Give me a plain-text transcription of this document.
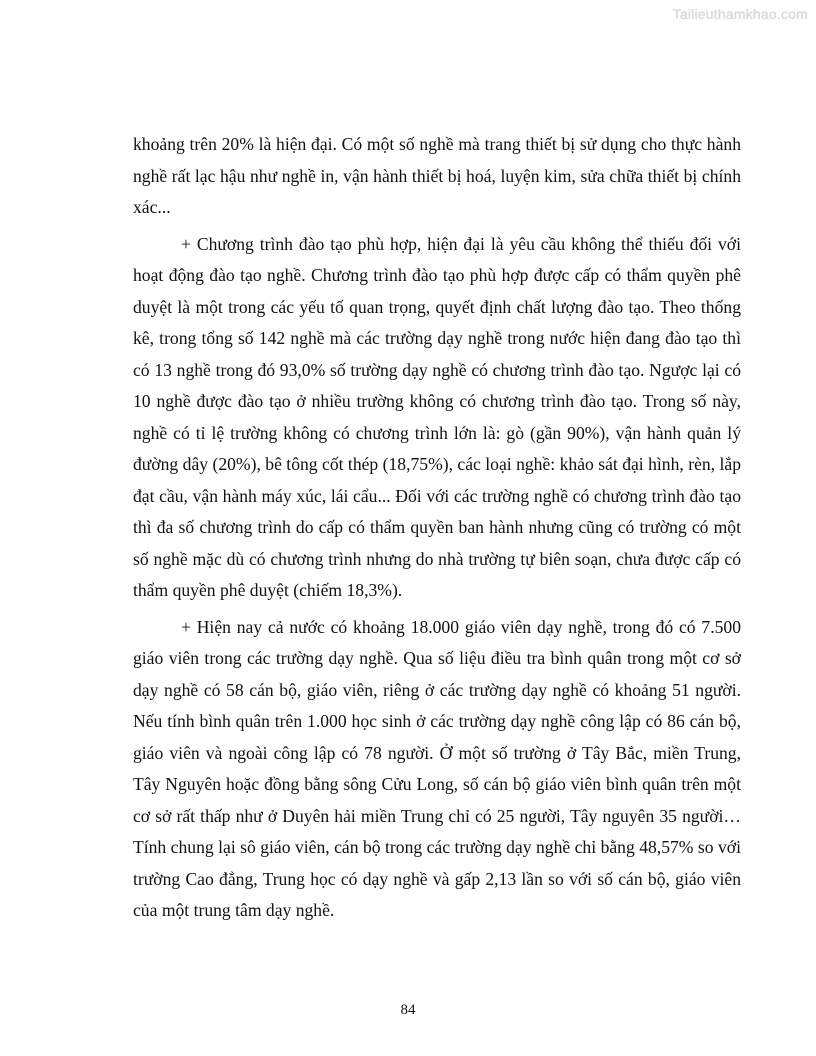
Tailieuthamkhao.com

khoảng trên 20% là hiện đại. Có một số nghề mà trang thiết bị sử dụng cho thực hành nghề rất lạc hậu như nghề in, vận hành thiết bị hoá, luyện kim, sửa chữa thiết bị chính xác...

+ Chương trình đào tạo phù hợp, hiện đại là yêu cầu không thể thiếu đối với hoạt động đào tạo nghề. Chương trình đào tạo phù hợp được cấp có thẩm quyền phê duyệt là một trong các yếu tố quan trọng, quyết định chất lượng đào tạo. Theo thống kê, trong tổng số 142 nghề mà các trường dạy nghề trong nước hiện đang đào tạo thì có 13 nghề trong đó 93,0% số trường dạy nghề có chương trình đào tạo. Ngược lại có 10 nghề được đào tạo ở nhiều trường không có chương trình đào tạo. Trong số này, nghề có tỉ lệ trường không có chương trình lớn là: gò (gần 90%), vận hành quản lý đường dây (20%), bê tông cốt thép (18,75%), các loại nghề: khảo sát đại hình, rèn, lắp đạt cầu, vận hành máy xúc, lái cẩu... Đối với các trường nghề có chương trình đào tạo thì đa số chương trình do cấp có thẩm quyền ban hành nhưng cũng có trường có một số nghề mặc dù có chương trình nhưng do nhà trường tự biên soạn, chưa được cấp có thẩm quyền phê duyệt (chiếm 18,3%).

+ Hiện nay cả nước có khoảng 18.000 giáo viên dạy nghề, trong đó có 7.500 giáo viên trong các trường dạy nghề. Qua số liệu điều tra bình quân trong một cơ sở dạy nghề có 58 cán bộ, giáo viên, riêng ở các trường dạy nghề có khoảng 51 người. Nếu tính bình quân trên 1.000 học sinh ở các trường dạy nghề công lập có 86 cán bộ, giáo viên và ngoài công lập có 78 người. Ở một số trường ở Tây Bắc, miền Trung, Tây Nguyên hoặc đồng bằng sông Cửu Long, số cán bộ giáo viên bình quân trên một cơ sở rất thấp như ở Duyên hải miền Trung chỉ có 25 người, Tây nguyên 35 người… Tính chung lại sô giáo viên, cán bộ trong các trường dạy nghề chỉ bằng 48,57% so với trường Cao đẳng, Trung học có dạy nghề và gấp 2,13 lần so với số cán bộ, giáo viên của một trung tâm dạy nghề.

84
